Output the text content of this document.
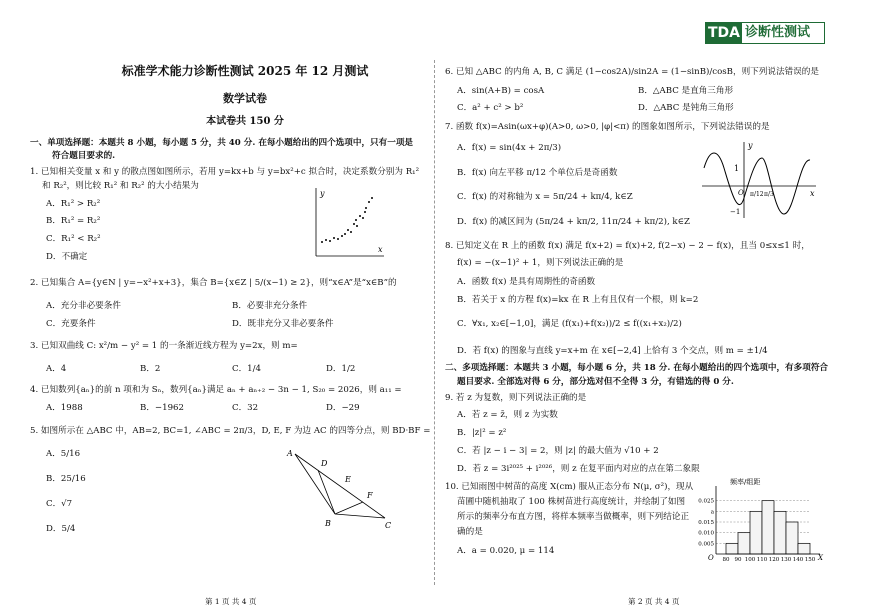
TDA 诊断性测试
标准学术能力诊断性测试 2025 年 12 月测试
数学试卷
本试卷共 150 分
一、单项选择题：本题共 8 小题，每小题 5 分，共 40 分. 在每小题给出的四个选项中，只有一项是
符合题目要求的.
1. 已知相关变量 x 和 y 的散点图如图所示，若用 y=kx+b 与 y=bx²+c 拟合时，决定系数分别为 R₁²
和 R₂²，则比较 R₁² 和 R₂² 的大小结果为
A．R₁² > R₂²
B．R₁² = R₂²
C．R₁² < R₂²
D．不确定
y
x
2. 已知集合 A={y∈N | y=−x²+x+3}，集合 B={x∈Z | 5/(x−1) ≥ 2}，则“x∈A”是“x∈B”的
A．充分非必要条件	B．必要非充分条件
C．充要条件	D．既非充分又非必要条件
3. 已知双曲线 C: x²/m − y² = 1 的一条渐近线方程为 y=2x，则 m=
A．4	B．2	C．1/4	D．1/2
4. 已知数列{aₙ}的前 n 项和为 Sₙ，数列{aₙ}满足 aₙ + aₙ₊₂ − 3n − 1, S₂₀ = 2026，则 a₁₁ =
A．1988	B．−1962	C．32	D．−29
5. 如图所示在 △ABC 中，AB=2, BC=1, ∠ABC = 2π/3，D, E, F 为边 AC 的四等分点，则 BD·BF =
A．5/16
B．25/16
C．√7
D．5/4
A
D
E
F
B	C
第 1 页 共 4 页
6. 已知 △ABC 的内角 A, B, C 满足 (1−cos2A)/sin2A = (1−sinB)/cosB，则下列说法错误的是
A．sin(A+B) = cosA	B．△ABC 是直角三角形
C．a² + c² > b²	D．△ABC 是钝角三角形
7. 函数 f(x)=Asin(ωx+φ)(A>0, ω>0, |φ|<π) 的图象如图所示，下列说法错误的是
A．f(x) = sin(4x + 2π/3)
B．f(x) 向左平移 π/12 个单位后是奇函数
C．f(x) 的对称轴为 x = 5π/24 + kπ/4, k∈Z
D．f(x) 的减区间为 (5π/24 + kπ/2, 11π/24 + kπ/2), k∈Z
y
x
1
−1
O π/12 π/3
8. 已知定义在 R 上的函数 f(x) 满足 f(x+2) = f(x)+2, f(2−x) − 2 − f(x)，且当 0≤x≤1 时，
f(x) = −(x−1)² + 1，则下列说法正确的是
A．函数 f(x) 是具有周期性的奇函数
B．若关于 x 的方程 f(x)=kx 在 R 上有且仅有一个根，则 k=2
C．∀x₁, x₂∈[−1,0]，满足 (f(x₁)+f(x₂))/2 ≤ f((x₁+x₂)/2)
D．若 f(x) 的图象与直线 y=x+m 在 x∈[−2,4] 上恰有 3 个交点，则 m = ±1/4
二、多项选择题：本题共 3 小题，每小题 6 分，共 18 分. 在每小题给出的四个选项中，有多项符合
题目要求. 全部选对得 6 分，部分选对但不全得 3 分，有错选的得 0 分.
9. 若 z 为复数，则下列说法正确的是
A．若 z = z̄，则 z 为实数
B．|z|² = z²
C．若 |z − i − 3| = 2，则 |z| 的最大值为 √10 + 2
D．若 z = 3i²⁰²⁵ + i²⁰²⁶，则 z 在复平面内对应的点在第二象限
10. 已知雨图中树苗的高度 X(cm) 服从正态分布 N(μ, σ²)，现从
苗圃中随机抽取了 100 株树苗进行高度统计，并绘制了如图
所示的频率分布直方图，将样本频率当做概率，则下列结论正
确的是
A．a = 0.020, μ = 114
频率/组距
X
O
0.025
a
0.015
0.010
0.005
80 90 100 110 120 130 140 150
第 2 页 共 4 页
